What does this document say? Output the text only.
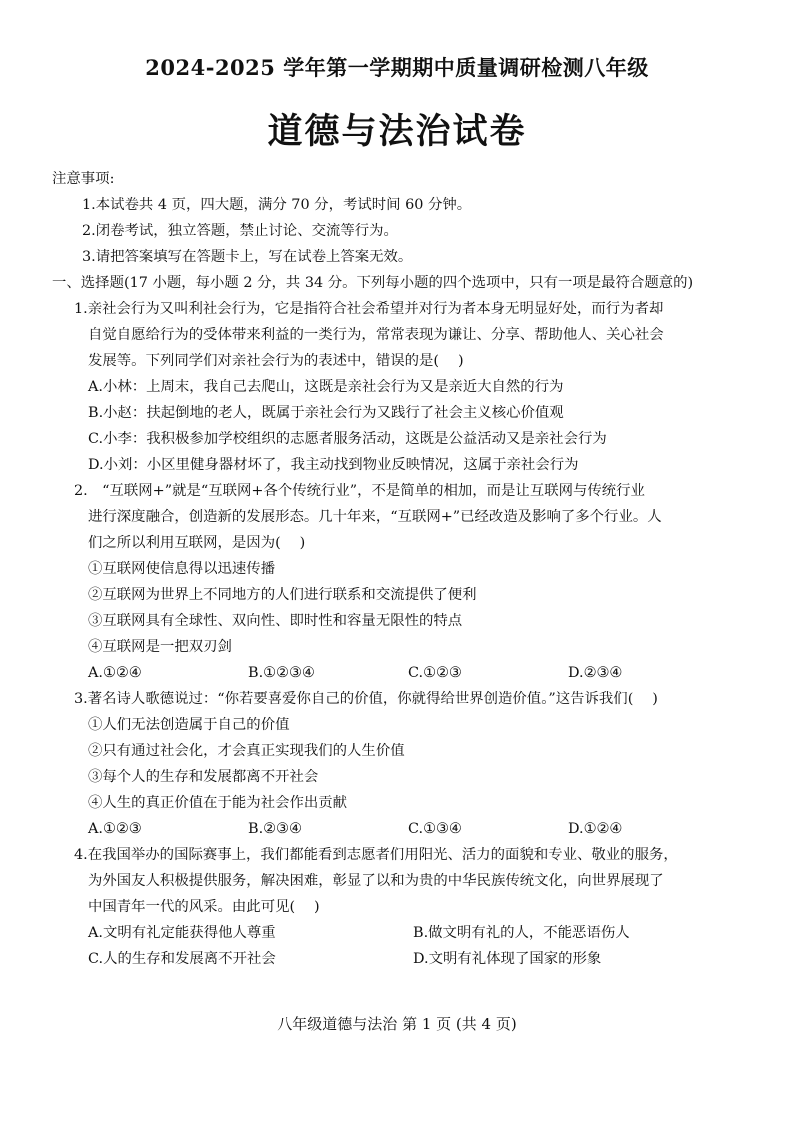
2024-2025 学年第一学期期中质量调研检测八年级
道德与法治试卷
注意事项:
1.本试卷共 4 页，四大题，满分 70 分，考试时间 60 分钟。
2.闭卷考试，独立答题，禁止讨论、交流等行为。
3.请把答案填写在答题卡上，写在试卷上答案无效。
一、选择题(17 小题，每小题 2 分，共 34 分。下列每小题的四个选项中，只有一项是最符合题意的)
1.亲社会行为又叫利社会行为，它是指符合社会希望并对行为者本身无明显好处，而行为者却
自觉自愿给行为的受体带来利益的一类行为，常常表现为谦让、分享、帮助他人、关心社会
发展等。下列同学们对亲社会行为的表述中，错误的是(　 )
A.小林：上周末，我自己去爬山，这既是亲社会行为又是亲近大自然的行为
B.小赵：扶起倒地的老人，既属于亲社会行为又践行了社会主义核心价值观
C.小李：我积极参加学校组织的志愿者服务活动，这既是公益活动又是亲社会行为
D.小刘：小区里健身器材坏了，我主动找到物业反映情况，这属于亲社会行为
2.　“互联网+”就是“互联网+各个传统行业”，不是简单的相加，而是让互联网与传统行业
进行深度融合，创造新的发展形态。几十年来，“互联网+”已经改造及影响了多个行业。人
们之所以利用互联网，是因为(　 )
①互联网使信息得以迅速传播
②互联网为世界上不同地方的人们进行联系和交流提供了便利
③互联网具有全球性、双向性、即时性和容量无限性的特点
④互联网是一把双刃剑
A.①②④	B.①②③④	C.①②③	D.②③④
3.著名诗人歌德说过：“你若要喜爱你自己的价值，你就得给世界创造价值。”这告诉我们(　 )
①人们无法创造属于自己的价值
②只有通过社会化，才会真正实现我们的人生价值
③每个人的生存和发展都离不开社会
④人生的真正价值在于能为社会作出贡献
A.①②③	B.②③④	C.①③④	D.①②④
4.在我国举办的国际赛事上，我们都能看到志愿者们用阳光、活力的面貌和专业、敬业的服务，
为外国友人积极提供服务，解决困难，彰显了以和为贵的中华民族传统文化，向世界展现了
中国青年一代的风采。由此可见(　 )
A.文明有礼定能获得他人尊重	B.做文明有礼的人，不能恶语伤人
C.人的生存和发展离不开社会	D.文明有礼体现了国家的形象
八年级道德与法治 第 1 页 (共 4 页)
